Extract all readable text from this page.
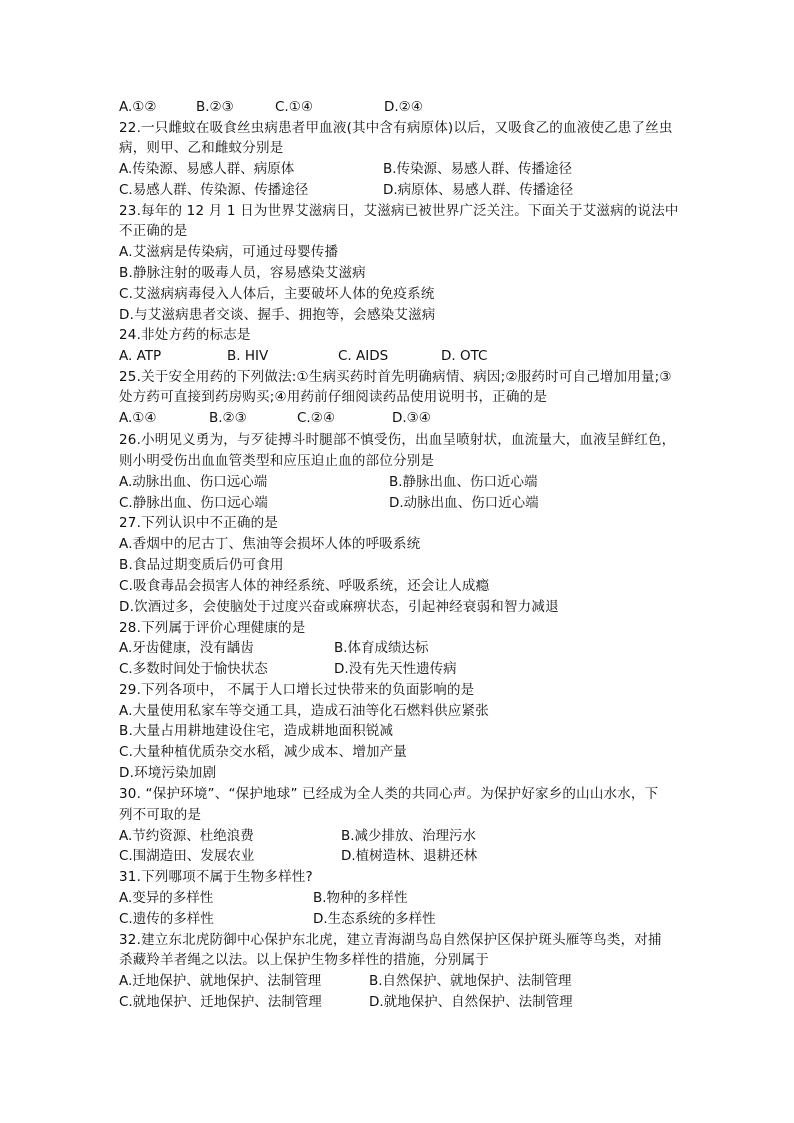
A.①②	B.②③	C.①④	D.②④
22.一只雌蚊在吸食丝虫病患者甲血液(其中含有病原体)以后，又吸食乙的血液使乙患了丝虫
病，则甲、乙和雌蚊分别是
A.传染源、易感人群、病原体	B.传染源、易感人群、传播途径
C.易感人群、传染源、传播途径	D.病原体、易感人群、传播途径
23.每年的 12 月 1 日为世界艾滋病日，艾滋病已被世界广泛关注。下面关于艾滋病的说法中
不正确的是
A.艾滋病是传染病，可通过母婴传播
B.静脉注射的吸毒人员，容易感染艾滋病
C.艾滋病病毒侵入人体后，主要破坏人体的免疫系统
D.与艾滋病患者交谈、握手、拥抱等，会感染艾滋病
24.非处方药的标志是
A. ATP	B. HIV	C. AIDS	D. OTC
25.关于安全用药的下列做法:①生病买药时首先明确病情、病因;②服药时可自己增加用量;③
处方药可直接到药房购买;④用药前仔细阅读药品使用说明书，正确的是
A.①④	B.②③	C.②④	D.③④
26.小明见义勇为，与歹徒搏斗时腿部不慎受伤，出血呈喷射状，血流量大，血液呈鲜红色，
则小明受伤出血血管类型和应压迫止血的部位分别是
A.动脉出血、伤口远心端	B.静脉出血、伤口近心端
C.静脉出血、伤口远心端	D.动脉出血、伤口近心端
27.下列认识中不正确的是
A.香烟中的尼古丁、焦油等会损坏人体的呼吸系统
B.食品过期变质后仍可食用
C.吸食毒品会损害人体的神经系统、呼吸系统，还会让人成瘾
D.饮酒过多，会使脑处于过度兴奋或麻痹状态，引起神经衰弱和智力减退
28.下列属于评价心理健康的是
A.牙齿健康，没有龋齿	B.体育成绩达标
C.多数时间处于愉快状态	D.没有先天性遗传病
29.下列各项中， 不属于人口增长过快带来的负面影响的是
A.大量使用私家车等交通工具，造成石油等化石燃料供应紧张
B.大量占用耕地建设住宅，造成耕地面积锐减
C.大量种植优质杂交水稻，减少成本、增加产量
D.环境污染加剧
30. “保护环境”、“保护地球” 已经成为全人类的共同心声。为保护好家乡的山山水水，下
列不可取的是
A.节约资源、杜绝浪费	B.减少排放、治理污水
C.围湖造田、发展农业	D.植树造林、退耕还林
31.下列哪项不属于生物多样性?
A.变异的多样性	B.物种的多样性
C.遗传的多样性	D.生态系统的多样性
32.建立东北虎防御中心保护东北虎，建立青海湖鸟岛自然保护区保护斑头雁等鸟类，对捕
杀藏羚羊者绳之以法。以上保护生物多样性的措施，分别属于
A.迁地保护、就地保护、法制管理	B.自然保护、就地保护、法制管理
C.就地保护、迁地保护、法制管理	D.就地保护、自然保护、法制管理
